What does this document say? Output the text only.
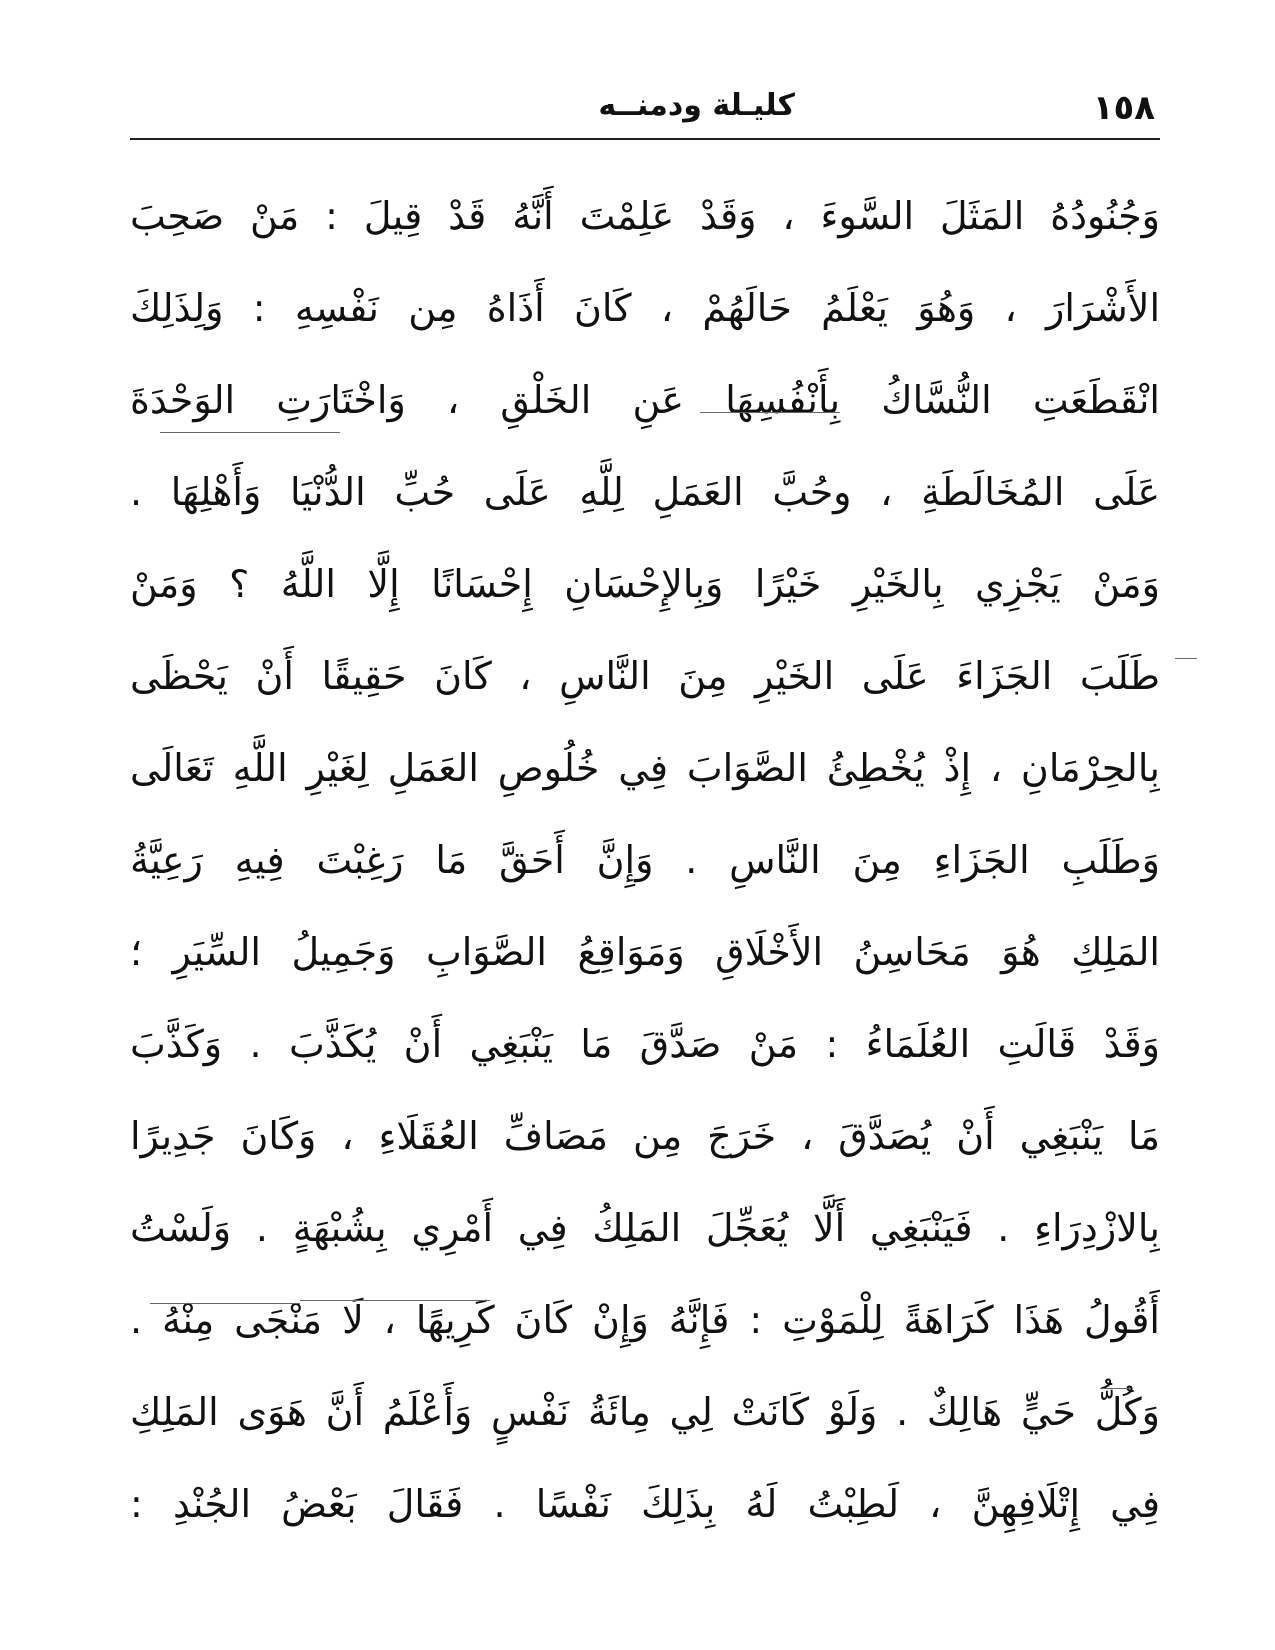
١٥٨
كليـلة ودمنــه
وَجُنُودُهُ المَثَلَ السَّوءَ ، وَقَدْ عَلِمْتَ أَنَّهُ قَدْ قِيلَ : مَنْ صَحِبَ
الأَشْرَارَ ، وَهُوَ يَعْلَمُ حَالَهُمْ ، كَانَ أَذَاهُ مِن نَفْسِهِ : وَلِذَلِكَ
انْقَطَعَتِ النُّسَّاكُ بِأَنْفُسِهَا عَنِ الخَلْقِ ، وَاخْتَارَتِ الوَحْدَةَ
عَلَى المُخَالَطَةِ ، وحُبَّ العَمَلِ لِلَّهِ عَلَى حُبِّ الدُّنْيَا وَأَهْلِهَا .
وَمَنْ يَجْزِي بِالخَيْرِ خَيْرًا وَبِالإِحْسَانِ إِحْسَانًا إِلَّا اللَّهُ ؟ وَمَنْ
طَلَبَ الجَزَاءَ عَلَى الخَيْرِ مِنَ النَّاسِ ، كَانَ حَقِيقًا أَنْ يَحْظَى
بِالحِرْمَانِ ، إِذْ يُخْطِئُ الصَّوَابَ فِي خُلُوصِ العَمَلِ لِغَيْرِ اللَّهِ تَعَالَى
وَطَلَبِ الجَزَاءِ مِنَ النَّاسِ . وَإِنَّ أَحَقَّ مَا رَغِبْتَ فِيهِ رَعِيَّةُ
المَلِكِ هُوَ مَحَاسِنُ الأَخْلَاقِ وَمَوَاقِعُ الصَّوَابِ وَجَمِيلُ السِّيَرِ ؛
وَقَدْ قَالَتِ العُلَمَاءُ : مَنْ صَدَّقَ مَا يَنْبَغِي أَنْ يُكَذَّبَ . وَكَذَّبَ
مَا يَنْبَغِي أَنْ يُصَدَّقَ ، خَرَجَ مِن مَصَافِّ العُقَلَاءِ ، وَكَانَ جَدِيرًا
بِالازْدِرَاءِ . فَيَنْبَغِي أَلَّا يُعَجِّلَ المَلِكُ فِي أَمْرِي بِشُبْهَةٍ . وَلَسْتُ
أَقُولُ هَذَا كَرَاهَةً لِلْمَوْتِ : فَإِنَّهُ وَإِنْ كَانَ كَرِيهًا ، لَا مَنْجَى مِنْهُ .
وَكُلُّ حَيٍّ هَالِكٌ . وَلَوْ كَانَتْ لِي مِائَةُ نَفْسٍ وَأَعْلَمُ أَنَّ هَوَى المَلِكِ
فِي إِتْلَافِهِنَّ ، لَطِبْتُ لَهُ بِذَلِكَ نَفْسًا . فَقَالَ بَعْضُ الجُنْدِ :
